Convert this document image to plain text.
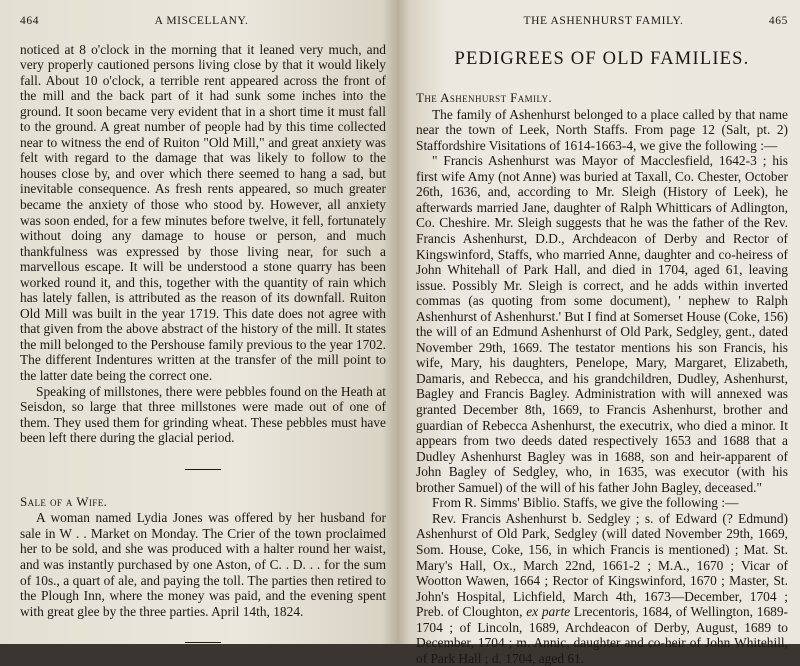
464	A MISCELLANY.

noticed at 8 o'clock in the morning that it leaned very much, and very properly cautioned persons living close by that it would likely fall. About 10 o'clock, a terrible rent appeared across the front of the mill and the back part of it had sunk some inches into the ground. It soon became very evident that in a short time it must fall to the ground. A great number of people had by this time collected near to witness the end of Ruiton "Old Mill," and great anxiety was felt with regard to the damage that was likely to follow to the houses close by, and over which there seemed to hang a sad, but inevitable consequence. As fresh rents appeared, so much greater became the anxiety of those who stood by. However, all anxiety was soon ended, for a few minutes before twelve, it fell, fortunately without doing any damage to house or person, and much thankfulness was expressed by those living near, for such a marvellous escape. It will be understood a stone quarry has been worked round it, and this, together with the quantity of rain which has lately fallen, is attributed as the reason of its downfall. Ruiton Old Mill was built in the year 1719. This date does not agree with that given from the above abstract of the history of the mill. It states the mill belonged to the Pershouse family previous to the year 1702. The different Indentures written at the transfer of the mill point to the latter date being the correct one.

Speaking of millstones, there were pebbles found on the Heath at Seisdon, so large that three millstones were made out of one of them. They used them for grinding wheat. These pebbles must have been left there during the glacial period.

Sale of a Wife.

A woman named Lydia Jones was offered by her husband for sale in W . . Market on Monday. The Crier of the town proclaimed her to be sold, and she was produced with a halter round her waist, and was instantly purchased by one Aston, of C. . D. . . for the sum of 10s., a quart of ale, and paying the toll. The parties then retired to the Plough Inn, where the money was paid, and the evening spent with great glee by the three parties. April 14th, 1824.

THE ASHENHURST FAMILY.	465
PEDIGREES OF OLD FAMILIES.
The Ashenhurst Family.

The family of Ashenhurst belonged to a place called by that name near the town of Leek, North Staffs. From page 12 (Salt, pt. 2) Staffordshire Visitations of 1614-1663-4, we give the following :—

" Francis Ashenhurst was Mayor of Macclesfield, 1642-3 ; his first wife Amy (not Anne) was buried at Taxall, Co. Chester, October 26th, 1636, and, according to Mr. Sleigh (History of Leek), he afterwards married Jane, daughter of Ralph Whitticars of Adlington, Co. Cheshire. Mr. Sleigh suggests that he was the father of the Rev. Francis Ashenhurst, D.D., Archdeacon of Derby and Rector of Kingswinford, Staffs, who married Anne, daughter and co-heiress of John Whitehall of Park Hall, and died in 1704, aged 61, leaving issue. Possibly Mr. Sleigh is correct, and he adds within inverted commas (as quoting from some document), ' nephew to Ralph Ashenhurst of Ashenhurst.' But I find at Somerset House (Coke, 156) the will of an Edmund Ashenhurst of Old Park, Sedgley, gent., dated November 29th, 1669. The testator mentions his son Francis, his wife, Mary, his daughters, Penelope, Mary, Margaret, Elizabeth, Damaris, and Rebecca, and his grandchildren, Dudley, Ashenhurst, Bagley and Francis Bagley. Administration with will annexed was granted December 8th, 1669, to Francis Ashenhurst, brother and guardian of Rebecca Ashenhurst, the executrix, who died a minor. It appears from two deeds dated respectively 1653 and 1688 that a Dudley Ashenhurst Bagley was in 1688, son and heir-apparent of John Bagley of Sedgley, who, in 1635, was executor (with his brother Samuel) of the will of his father John Bagley, deceased."

From R. Simms' Biblio. Staffs, we give the following :—

Rev. Francis Ashenhurst b. Sedgley ; s. of Edward (? Edmund) Ashenhurst of Old Park, Sedgley (will dated November 29th, 1669, Som. House, Coke, 156, in which Francis is mentioned) ; Mat. St. Mary's Hall, Ox., March 22nd, 1661-2 ; M.A., 1670 ; Vicar of Wootton Wawen, 1664 ; Rector of Kingswinford, 1670 ; Master, St. John's Hospital, Lichfield, March 4th, 1673—December, 1704 ; Preb. of Cloughton, ex parte Lrecentoris, 1684, of Wellington, 1689-1704 ; of Lincoln, 1689, Archdeacon of Derby, August, 1689 to December, 1704 ; m. Annic, daughter and co-heir of John Whitehill, of Park Hall ; d. 1704, aged 61.
